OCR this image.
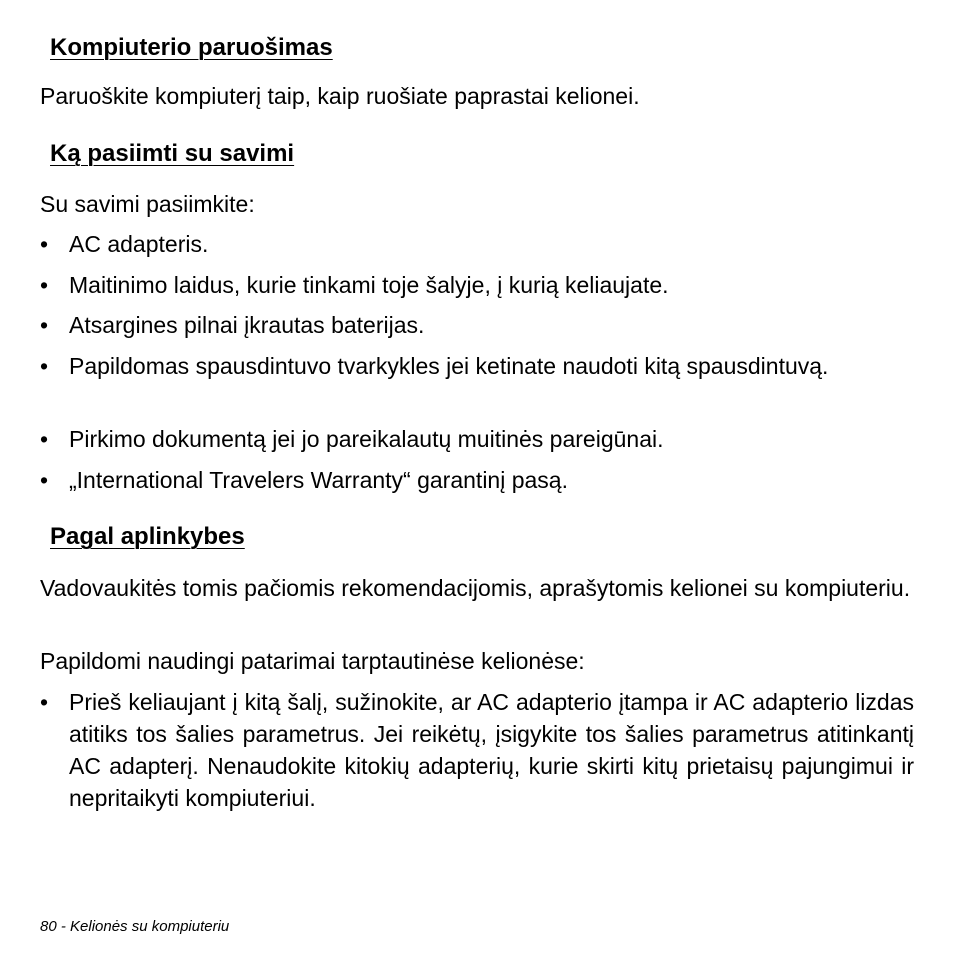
Kompiuterio paruošimas

Paruoškite kompiuterį taip, kaip ruošiate paprastai kelionei.

Ką pasiimti su savimi

Su savimi pasiimkite:

• AC adapteris.
• Maitinimo laidus, kurie tinkami toje šalyje, į kurią keliaujate.
• Atsargines pilnai įkrautas baterijas.
• Papildomas spausdintuvo tvarkykles jei ketinate naudoti kitą spausdintuvą.
• Pirkimo dokumentą jei jo pareikalautų muitinės pareigūnai.
• „International Travelers Warranty“ garantinį pasą.
Pagal aplinkybes

Vadovaukitės tomis pačiomis rekomendacijomis, aprašytomis kelionei su kompiuteriu.

Papildomi naudingi patarimai tarptautinėse kelionėse:

• Prieš keliaujant į kitą šalį, sužinokite, ar AC adapterio įtampa ir AC adapterio lizdas atitiks tos šalies parametrus. Jei reikėtų, įsigykite tos šalies parametrus atitinkantį AC adapterį. Nenaudokite kitokių adapterių, kurie skirti kitų prietaisų pajungimui ir nepritaikyti kompiuteriui.
80 - Kelionės su kompiuteriu
